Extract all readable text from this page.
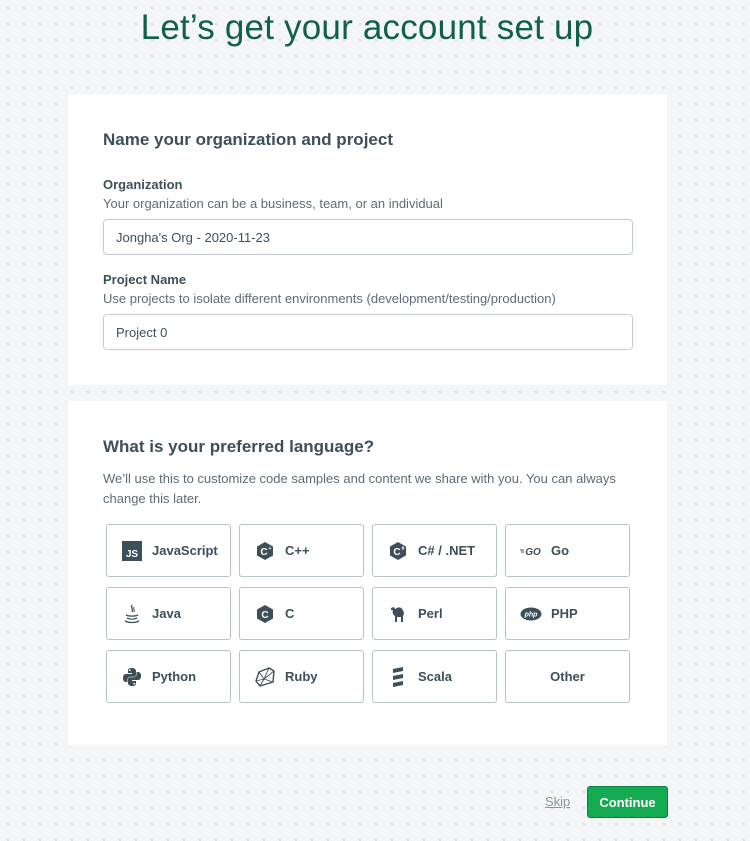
Let’s get your account set up
Name your organization and project
Organization
Your organization can be a business, team, or an individual
Jongha's Org - 2020-11-23
Project Name
Use projects to isolate different environments (development/testing/production)
Project 0
What is your preferred language?

We’ll use this to customize code samples and content we share with you. You can always change this later.

JS JavaScript	C + C++	C # C# / .NET	GO Go
Java	C C	Perl	php PHP
Python	Ruby	Scala	Other
Skip	Continue
